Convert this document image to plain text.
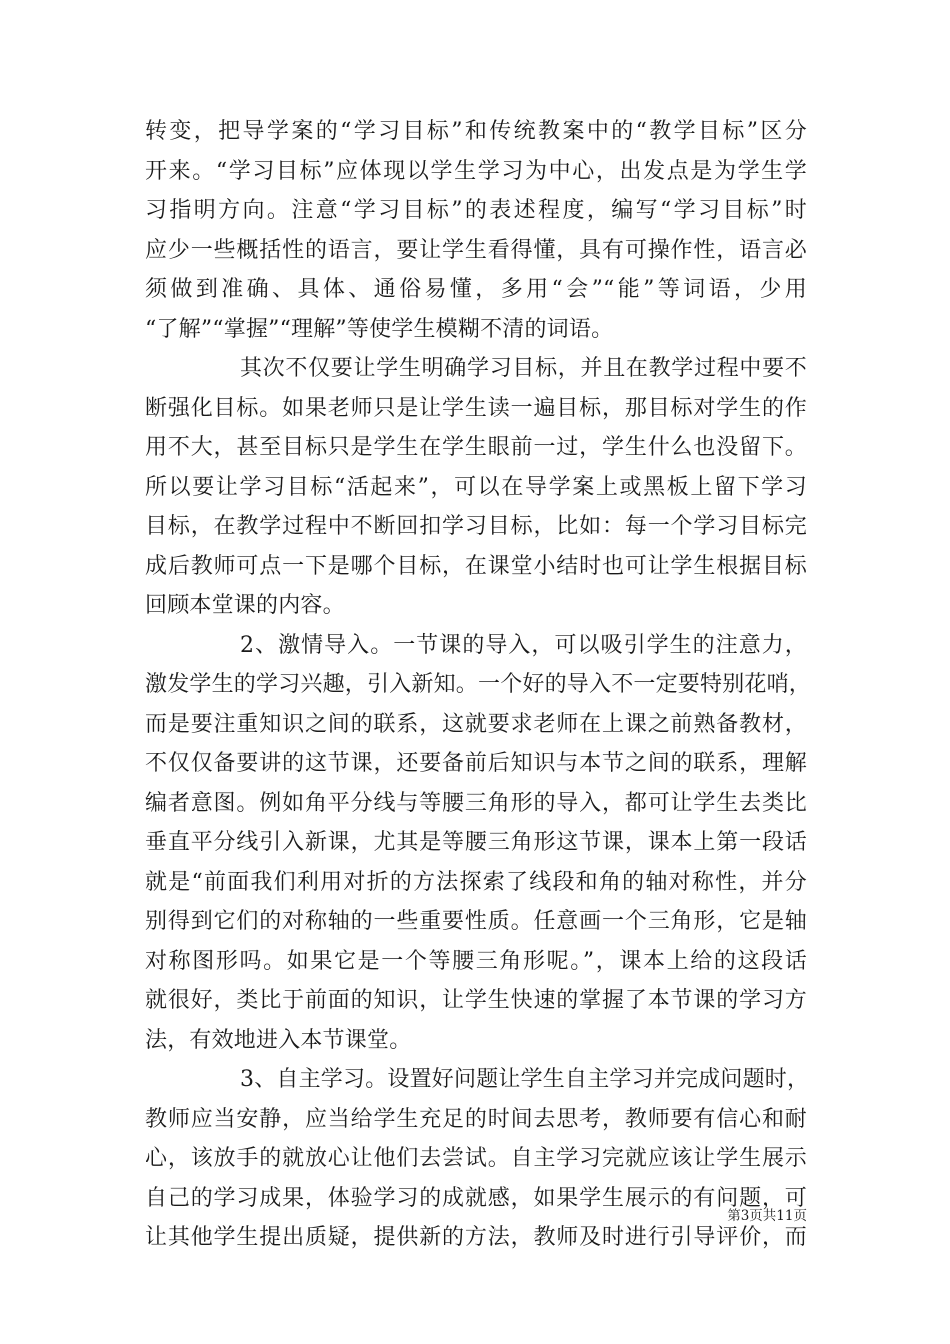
转变，把导学案的“学习目标”和传统教案中的“教学目标”区分
开来。“学习目标”应体现以学生学习为中心，出发点是为学生学
习指明方向。注意“学习目标”的表述程度，编写“学习目标”时
应少一些概括性的语言，要让学生看得懂，具有可操作性，语言必
须做到准确、具体、通俗易懂，多用“会”“能”等词语，少用
“了解”“掌握”“理解”等使学生模糊不清的词语。
其次不仅要让学生明确学习目标，并且在教学过程中要不
断强化目标。如果老师只是让学生读一遍目标，那目标对学生的作
用不大，甚至目标只是学生在学生眼前一过，学生什么也没留下。
所以要让学习目标“活起来”，可以在导学案上或黑板上留下学习
目标，在教学过程中不断回扣学习目标，比如：每一个学习目标完
成后教师可点一下是哪个目标，在课堂小结时也可让学生根据目标
回顾本堂课的内容。
2、激情导入。一节课的导入，可以吸引学生的注意力，
激发学生的学习兴趣，引入新知。一个好的导入不一定要特别花哨，
而是要注重知识之间的联系，这就要求老师在上课之前熟备教材，
不仅仅备要讲的这节课，还要备前后知识与本节之间的联系，理解
编者意图。例如角平分线与等腰三角形的导入，都可让学生去类比
垂直平分线引入新课，尤其是等腰三角形这节课，课本上第一段话
就是“前面我们利用对折的方法探索了线段和角的轴对称性，并分
别得到它们的对称轴的一些重要性质。任意画一个三角形，它是轴
对称图形吗。如果它是一个等腰三角形呢。”，课本上给的这段话
就很好，类比于前面的知识，让学生快速的掌握了本节课的学习方
法，有效地进入本节课堂。
3、自主学习。设置好问题让学生自主学习并完成问题时，
教师应当安静，应当给学生充足的时间去思考，教师要有信心和耐
心，该放手的就放心让他们去尝试。自主学习完就应该让学生展示
自己的学习成果，体验学习的成就感，如果学生展示的有问题，可
让其他学生提出质疑，提供新的方法，教师及时进行引导评价，而
第3页共11页
